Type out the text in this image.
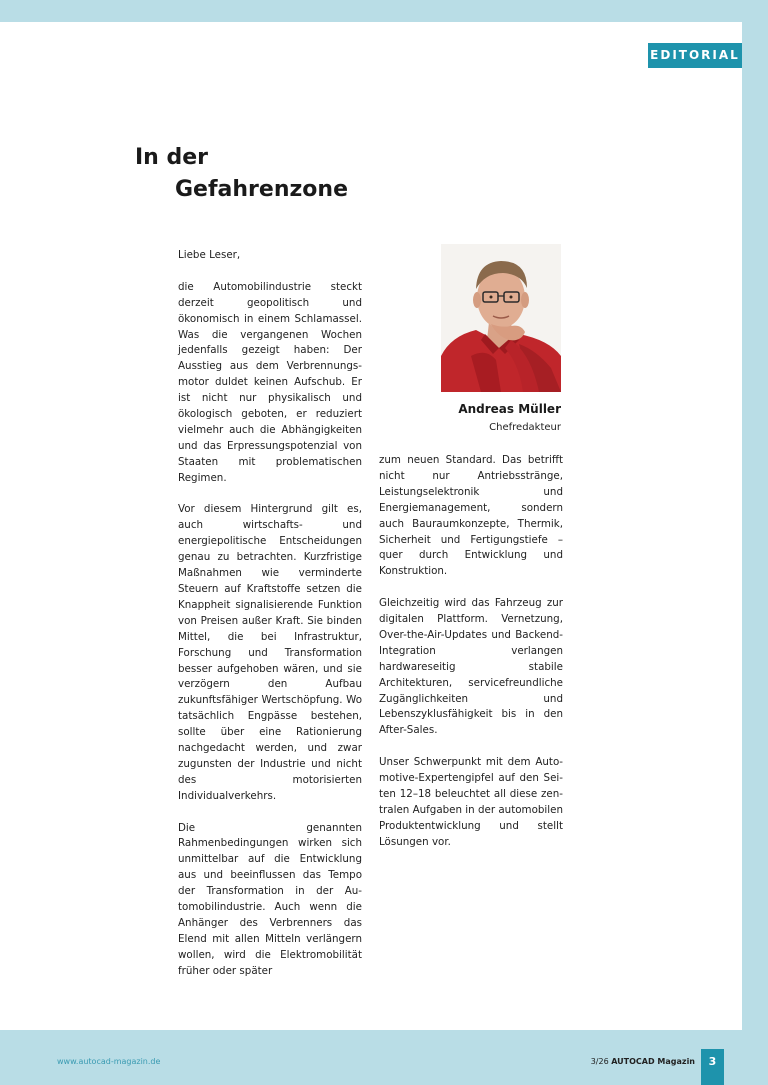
EDITORIAL
In der
Gefahrenzone

Liebe Leser,

die Automobilindustrie steckt derzeit geopolitisch und ökonomisch in einem Schlamassel. Was die vergangenen Wochen jedenfalls gezeigt haben: Der Ausstieg aus dem Verbrennungsmotor duldet keinen Aufschub. Er ist nicht nur physikalisch und ökologisch geboten, er reduziert vielmehr auch die Abhängigkeiten und das Erpressungspotenzial von Staaten mit problematischen Regimen.

Vor diesem Hintergrund gilt es, auch wirtschafts- und energiepolitische Entscheidungen genau zu betrachten. Kurzfristige Maßnahmen wie verminderte Steuern auf Kraftstoffe setzen die Knappheit signalisierende Funktion von Preisen außer Kraft. Sie binden Mittel, die bei Infrastruktur, Forschung und Transformation besser aufgehoben wären, und sie verzögern den Aufbau zukunftsfähiger Wertschöpfung. Wo tatsächlich Engpässe bestehen, sollte über eine Rationierung nachgedacht werden, und zwar zugunsten der Industrie und nicht des motorisierten Individualverkehrs.

Die genannten Rahmenbedingungen wirken sich unmittelbar auf die Entwicklung aus und beeinflussen das Tempo der Transformation in der Automobilindustrie. Auch wenn die Anhänger des Verbrenners das Elend mit allen Mitteln verlängern wollen, wird die Elektromobilität früher oder später

Andreas Müller
Chefredakteur

zum neuen Standard. Das betrifft nicht nur Antriebsstränge, Leistungselektronik und Energiemanagement, sondern auch Bauraumkonzepte, Thermik, Sicherheit und Fertigungstiefe – quer durch Entwicklung und Konstruktion.

Gleichzeitig wird das Fahrzeug zur digitalen Plattform. Vernetzung, Over-the-Air-Updates und Backend-Integration verlangen hardwareseitig stabile Architekturen, servicefreundliche Zugänglichkeiten und Lebenszyklusfähigkeit bis in den After-Sales.

Unser Schwerpunkt mit dem Automotive-Expertengipfel auf den Seiten 12–18 beleuchtet all diese zentralen Aufgaben in der automobilen Produktentwicklung und stellt Lösungen vor.

www.autocad-magazin.de	3/26 AUTOCAD Magazin	3
